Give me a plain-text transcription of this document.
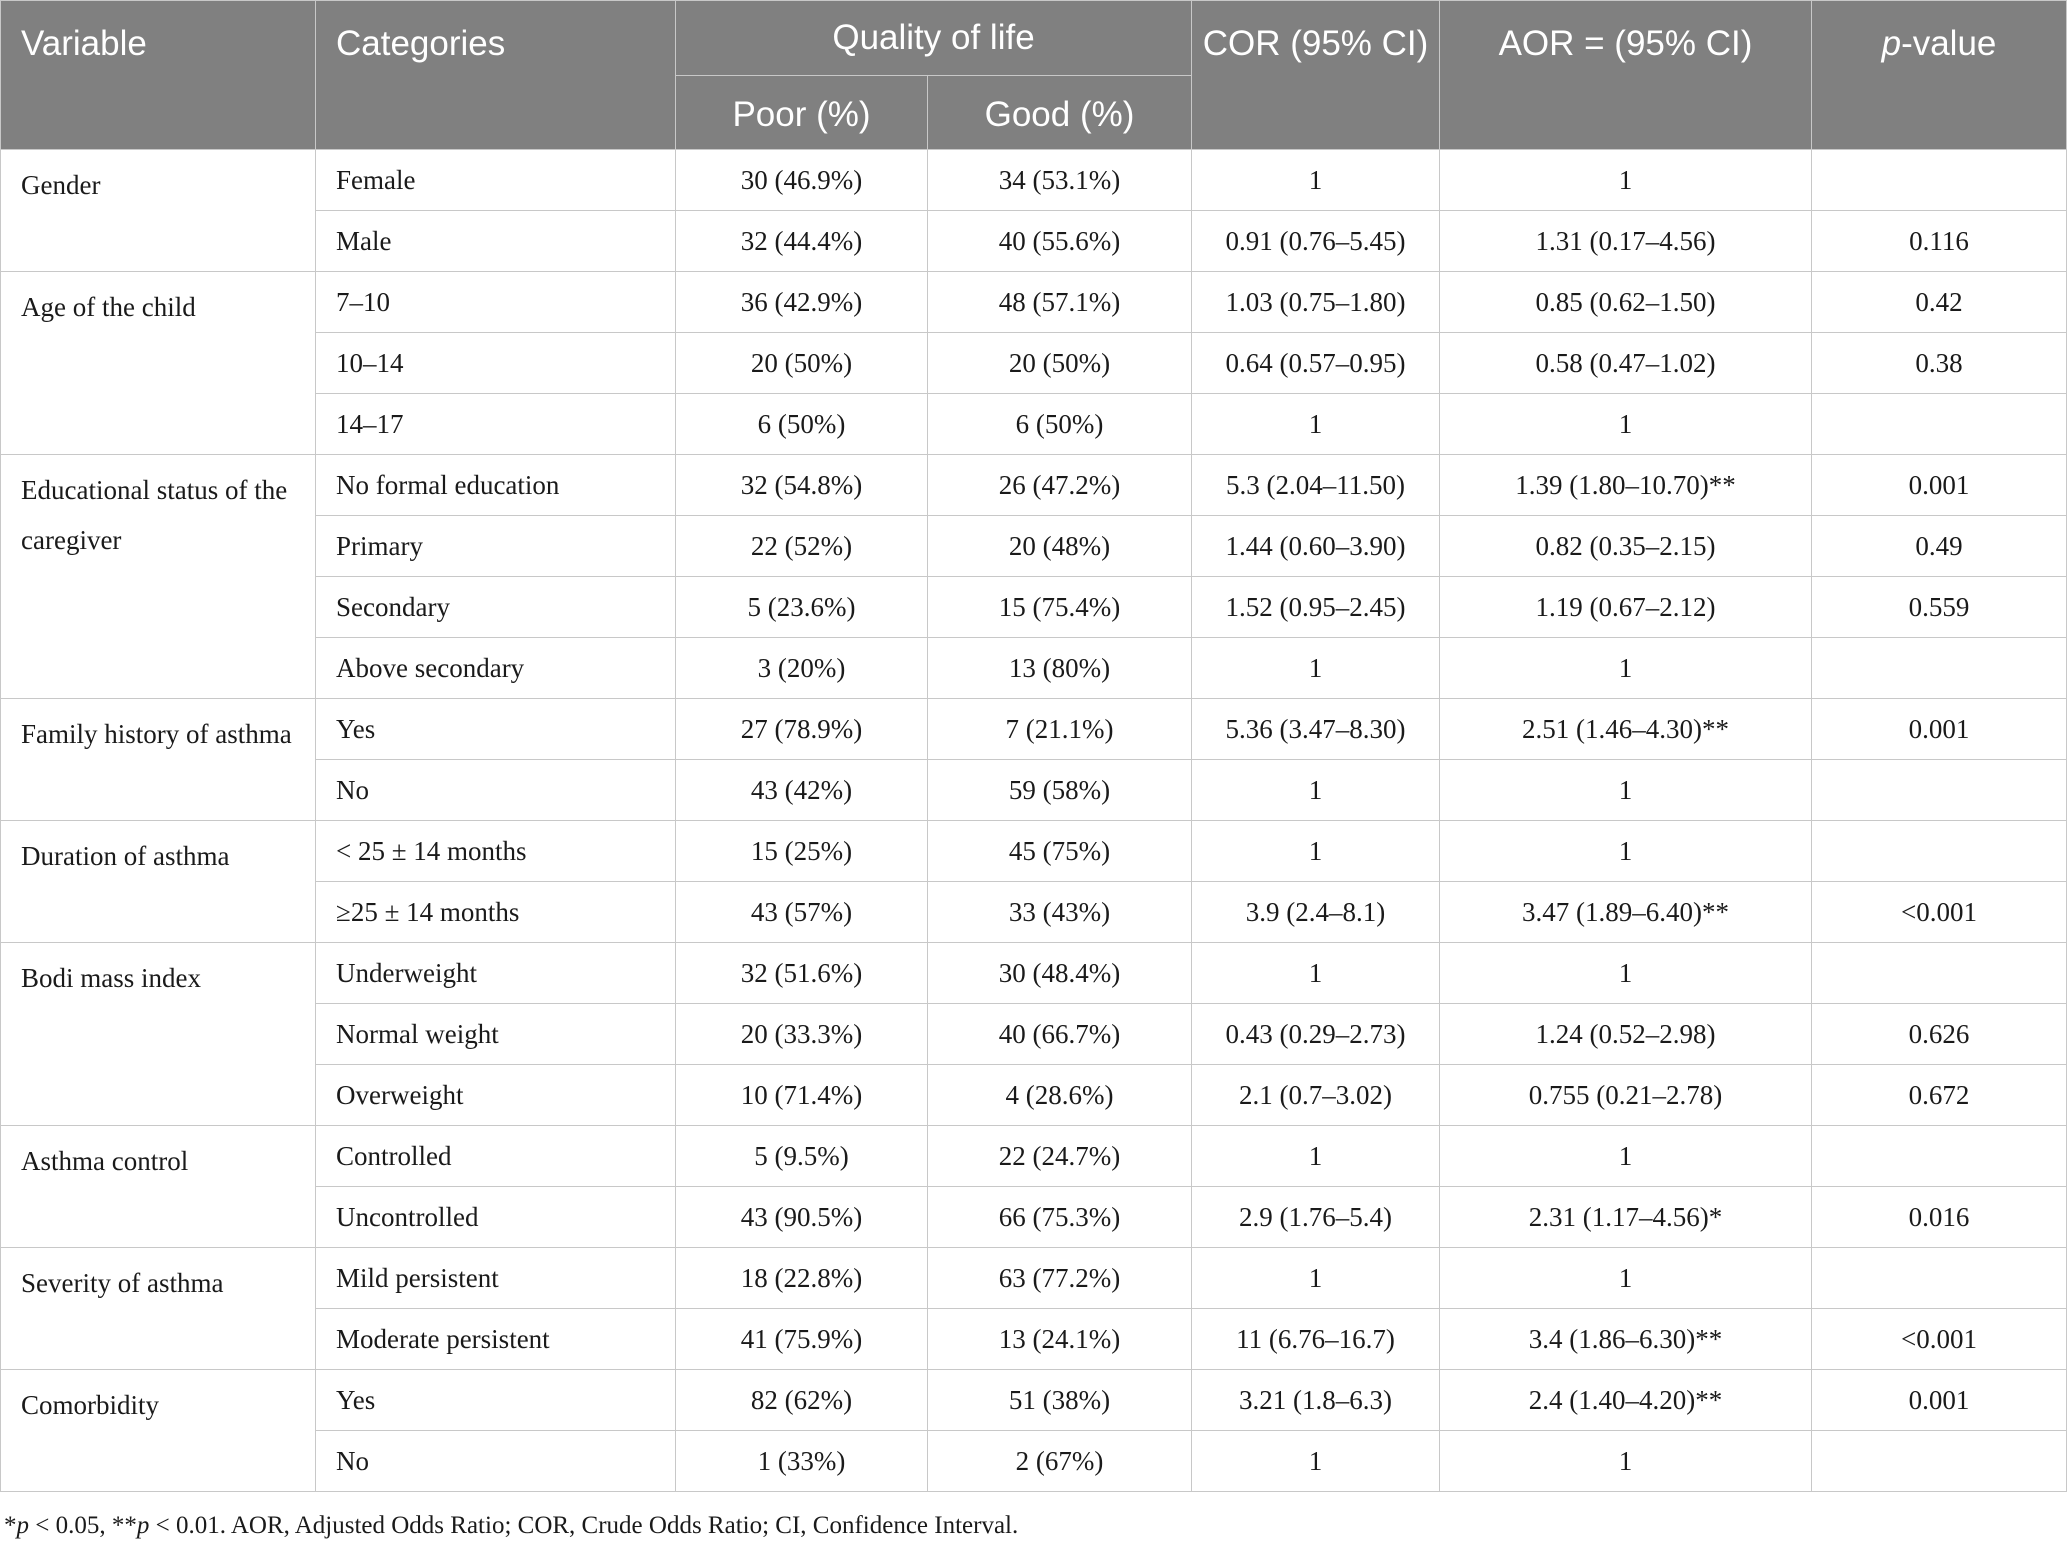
Variable	Categories	Quality of life		COR (95% CI)	AOR = (95% CI)	p-value
		Poor (%)	Good (%)			
Gender	Female	30 (46.9%)	34 (53.1%)	1	1	
	Male	32 (44.4%)	40 (55.6%)	0.91 (0.76–5.45)	1.31 (0.17–4.56)	0.116
Age of the child	7–10	36 (42.9%)	48 (57.1%)	1.03 (0.75–1.80)	0.85 (0.62–1.50)	0.42
	10–14	20 (50%)	20 (50%)	0.64 (0.57–0.95)	0.58 (0.47–1.02)	0.38
	14–17	6 (50%)	6 (50%)	1	1	
Educational status of the caregiver	No formal education	32 (54.8%)	26 (47.2%)	5.3 (2.04–11.50)	1.39 (1.80–10.70)**	0.001
	Primary	22 (52%)	20 (48%)	1.44 (0.60–3.90)	0.82 (0.35–2.15)	0.49
	Secondary	5 (23.6%)	15 (75.4%)	1.52 (0.95–2.45)	1.19 (0.67–2.12)	0.559
	Above secondary	3 (20%)	13 (80%)	1	1	
Family history of asthma	Yes	27 (78.9%)	7 (21.1%)	5.36 (3.47–8.30)	2.51 (1.46–4.30)**	0.001
	No	43 (42%)	59 (58%)	1	1	
Duration of asthma	< 25 ± 14 months	15 (25%)	45 (75%)	1	1	
	≥25 ± 14 months	43 (57%)	33 (43%)	3.9 (2.4–8.1)	3.47 (1.89–6.40)**	<0.001
Bodi mass index	Underweight	32 (51.6%)	30 (48.4%)	1	1	
	Normal weight	20 (33.3%)	40 (66.7%)	0.43 (0.29–2.73)	1.24 (0.52–2.98)	0.626
	Overweight	10 (71.4%)	4 (28.6%)	2.1 (0.7–3.02)	0.755 (0.21–2.78)	0.672
Asthma control	Controlled	5 (9.5%)	22 (24.7%)	1	1	
	Uncontrolled	43 (90.5%)	66 (75.3%)	2.9 (1.76–5.4)	2.31 (1.17–4.56)*	0.016
Severity of asthma	Mild persistent	18 (22.8%)	63 (77.2%)	1	1	
	Moderate persistent	41 (75.9%)	13 (24.1%)	11 (6.76–16.7)	3.4 (1.86–6.30)**	<0.001
Comorbidity	Yes	82 (62%)	51 (38%)	3.21 (1.8–6.3)	2.4 (1.40–4.20)**	0.001
	No	1 (33%)	2 (67%)	1	1	
*p < 0.05, **p < 0.01. AOR, Adjusted Odds Ratio; COR, Crude Odds Ratio; CI, Confidence Interval.
